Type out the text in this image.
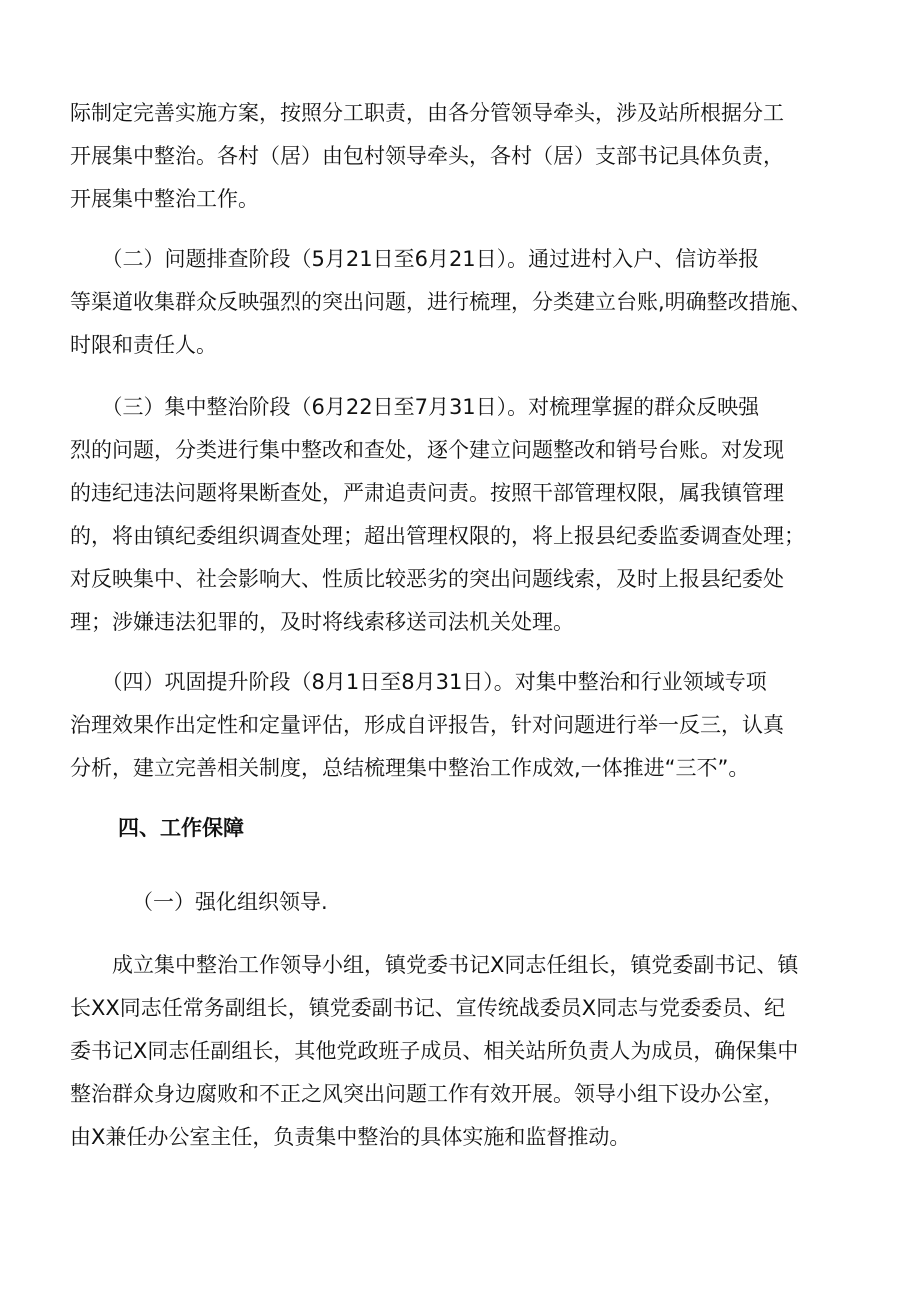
际制定完善实施方案，按照分工职责，由各分管领导牵头，涉及站所根据分工
开展集中整治。各村（居）由包村领导牵头，各村（居）支部书记具体负责，
开展集中整治工作。

　　（二）问题排查阶段（5月21日至6月21日）。通过进村入户、信访举报
等渠道收集群众反映强烈的突出问题，进行梳理，分类建立台账,明确整改措施、
时限和责任人。

　　（三）集中整治阶段（6月22日至7月31日）。对梳理掌握的群众反映强
烈的问题，分类进行集中整改和查处，逐个建立问题整改和销号台账。对发现
的违纪违法问题将果断查处，严肃追责问责。按照干部管理权限，属我镇管理
的，将由镇纪委组织调查处理；超出管理权限的，将上报县纪委监委调查处理；
对反映集中、社会影响大、性质比较恶劣的突出问题线索，及时上报县纪委处
理；涉嫌违法犯罪的，及时将线索移送司法机关处理。

　　（四）巩固提升阶段（8月1日至8月31日）。对集中整治和行业领域专项
治理效果作出定性和定量评估，形成自评报告，针对问题进行举一反三，认真
分析，建立完善相关制度，总结梳理集中整治工作成效,一体推进“三不”。

四、工作保障

（一）强化组织领导.

　　成立集中整治工作领导小组，镇党委书记X同志任组长，镇党委副书记、镇
长XX同志任常务副组长，镇党委副书记、宣传统战委员X同志与党委委员、纪
委书记X同志任副组长，其他党政班子成员、相关站所负责人为成员，确保集中
整治群众身边腐败和不正之风突出问题工作有效开展。领导小组下设办公室，
由X兼任办公室主任，负责集中整治的具体实施和监督推动。
